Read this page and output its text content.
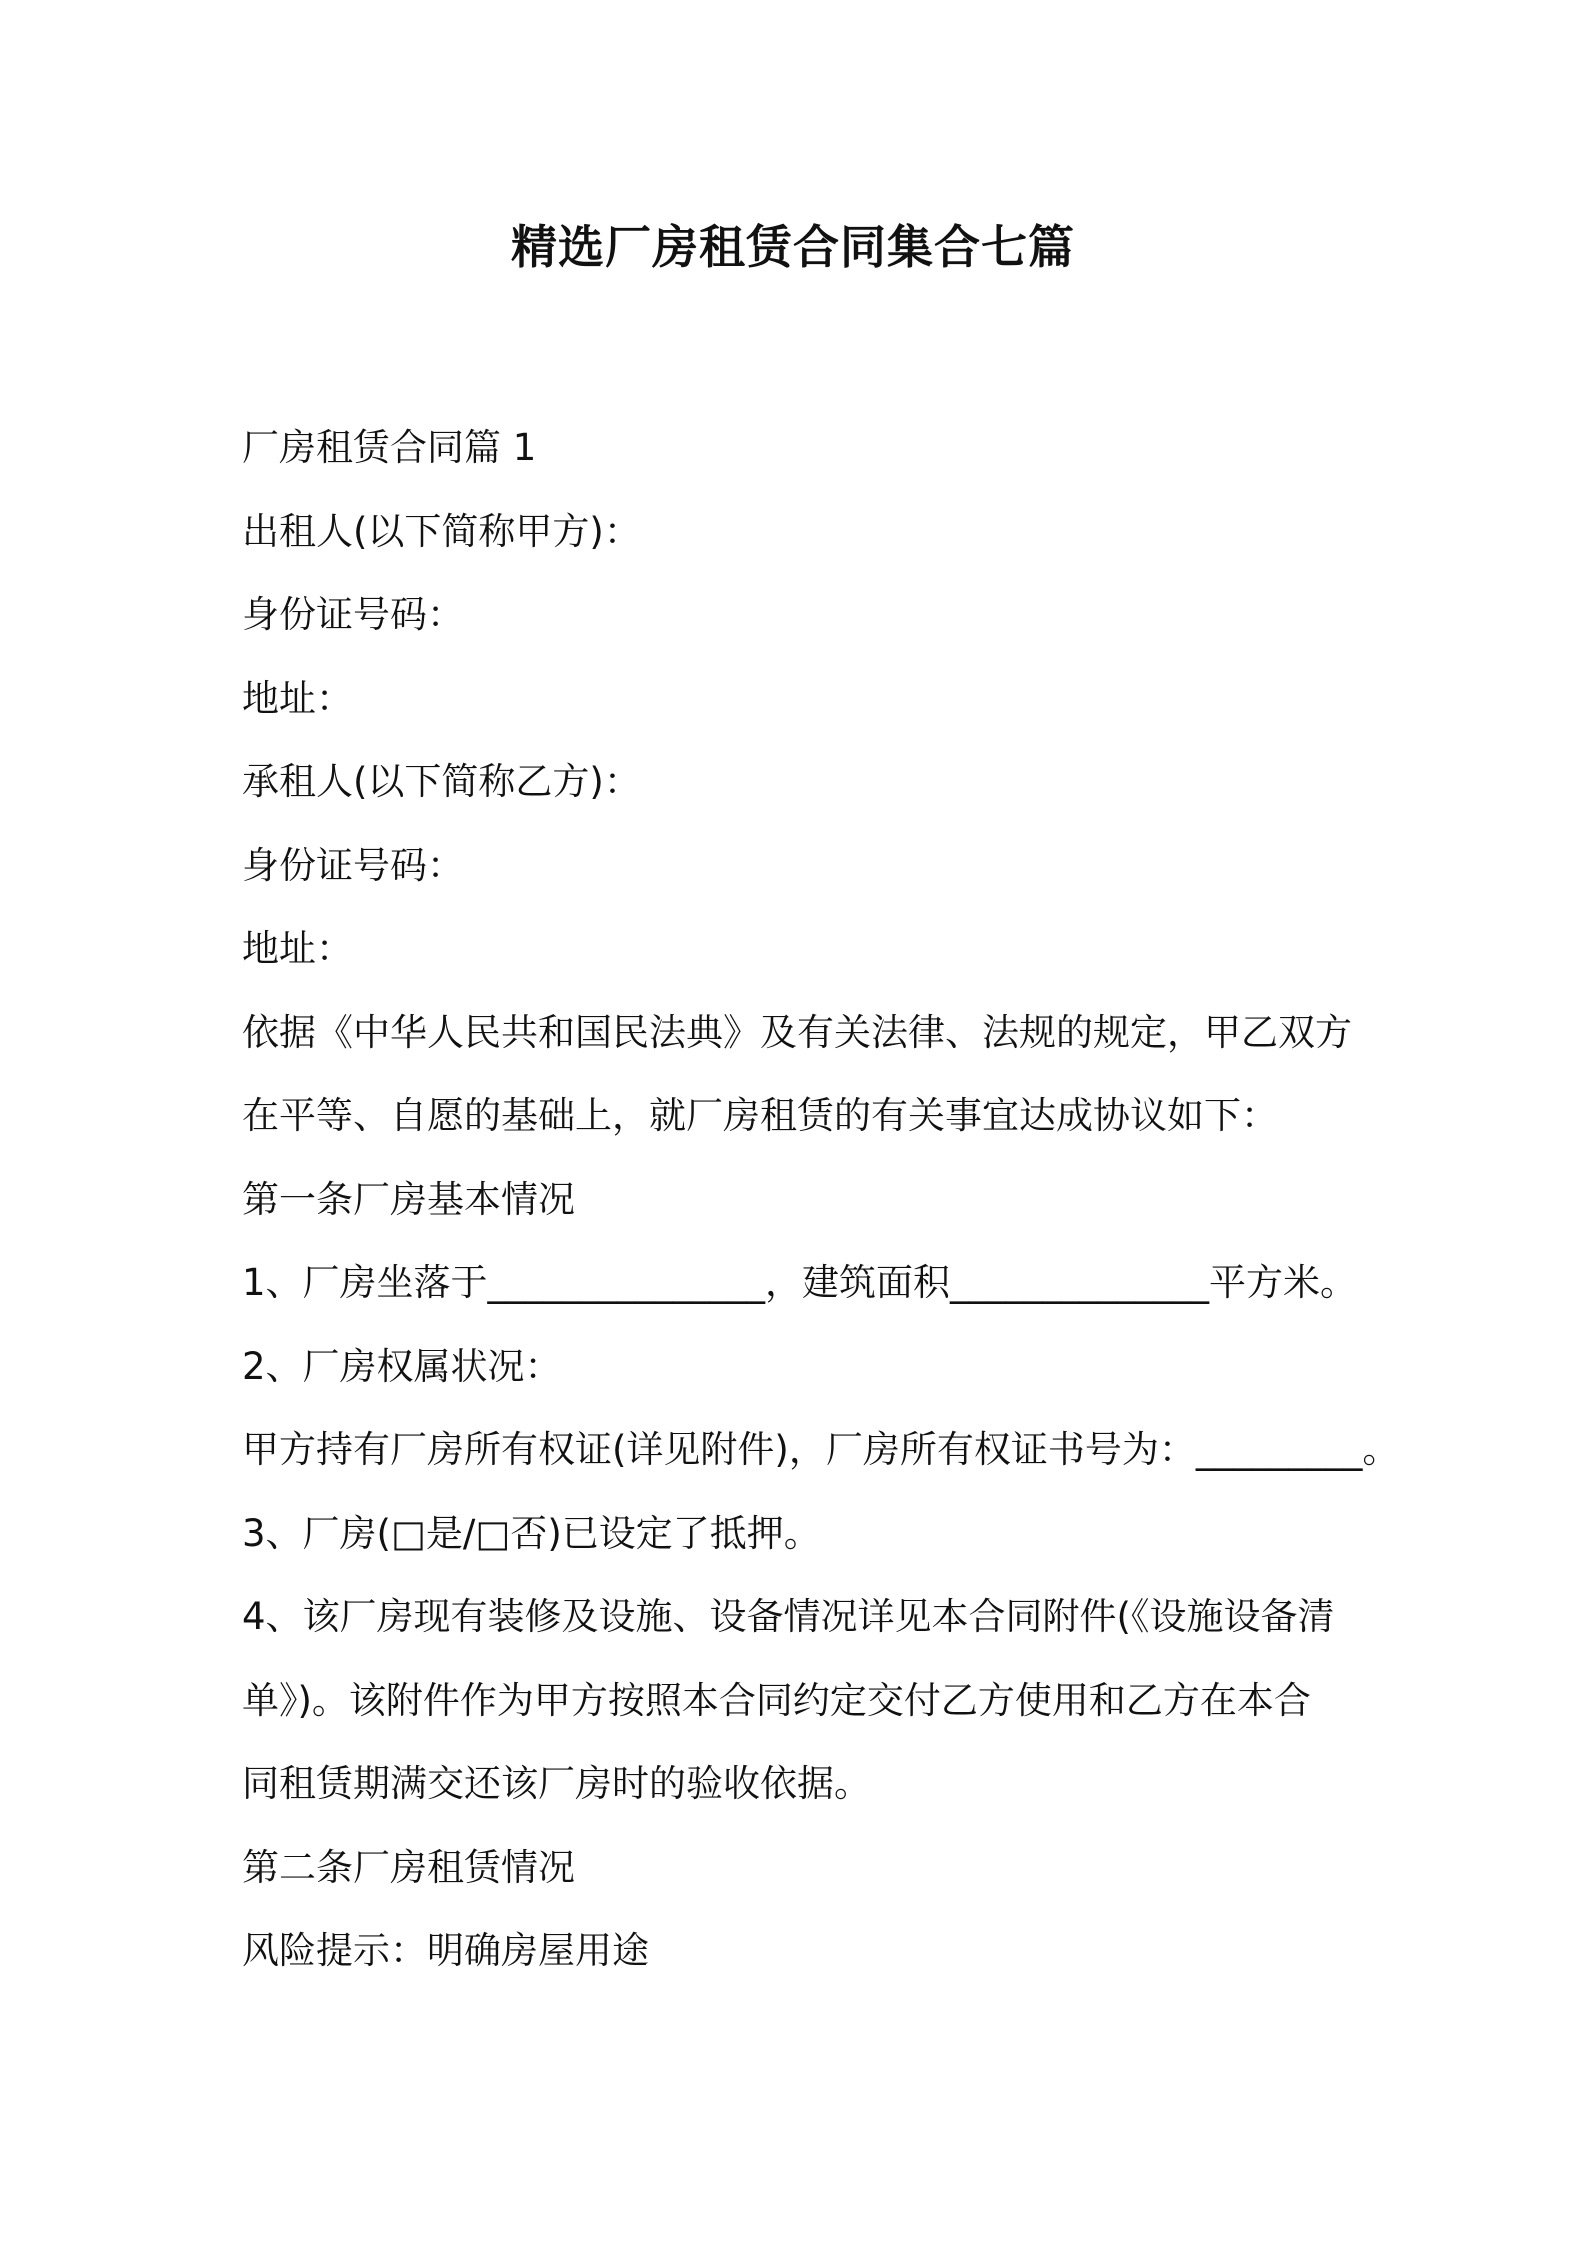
精选厂房租赁合同集合七篇

厂房租赁合同篇 1

出租人(以下简称甲方)：

身份证号码：

地址：

承租人(以下简称乙方)：

身份证号码：

地址：

依据《中华人民共和国民法典》及有关法律、法规的规定，甲乙双方

在平等、自愿的基础上，就厂房租赁的有关事宜达成协议如下：

第一条厂房基本情况

1、厂房坐落于_______________，建筑面积______________平方米。

2、厂房权属状况：

甲方持有厂房所有权证(详见附件)，厂房所有权证书号为：_________。

3、厂房(□是/□否)已设定了抵押。

4、该厂房现有装修及设施、设备情况详见本合同附件(《设施设备清

单》)。该附件作为甲方按照本合同约定交付乙方使用和乙方在本合

同租赁期满交还该厂房时的验收依据。

第二条厂房租赁情况

风险提示：明确房屋用途
